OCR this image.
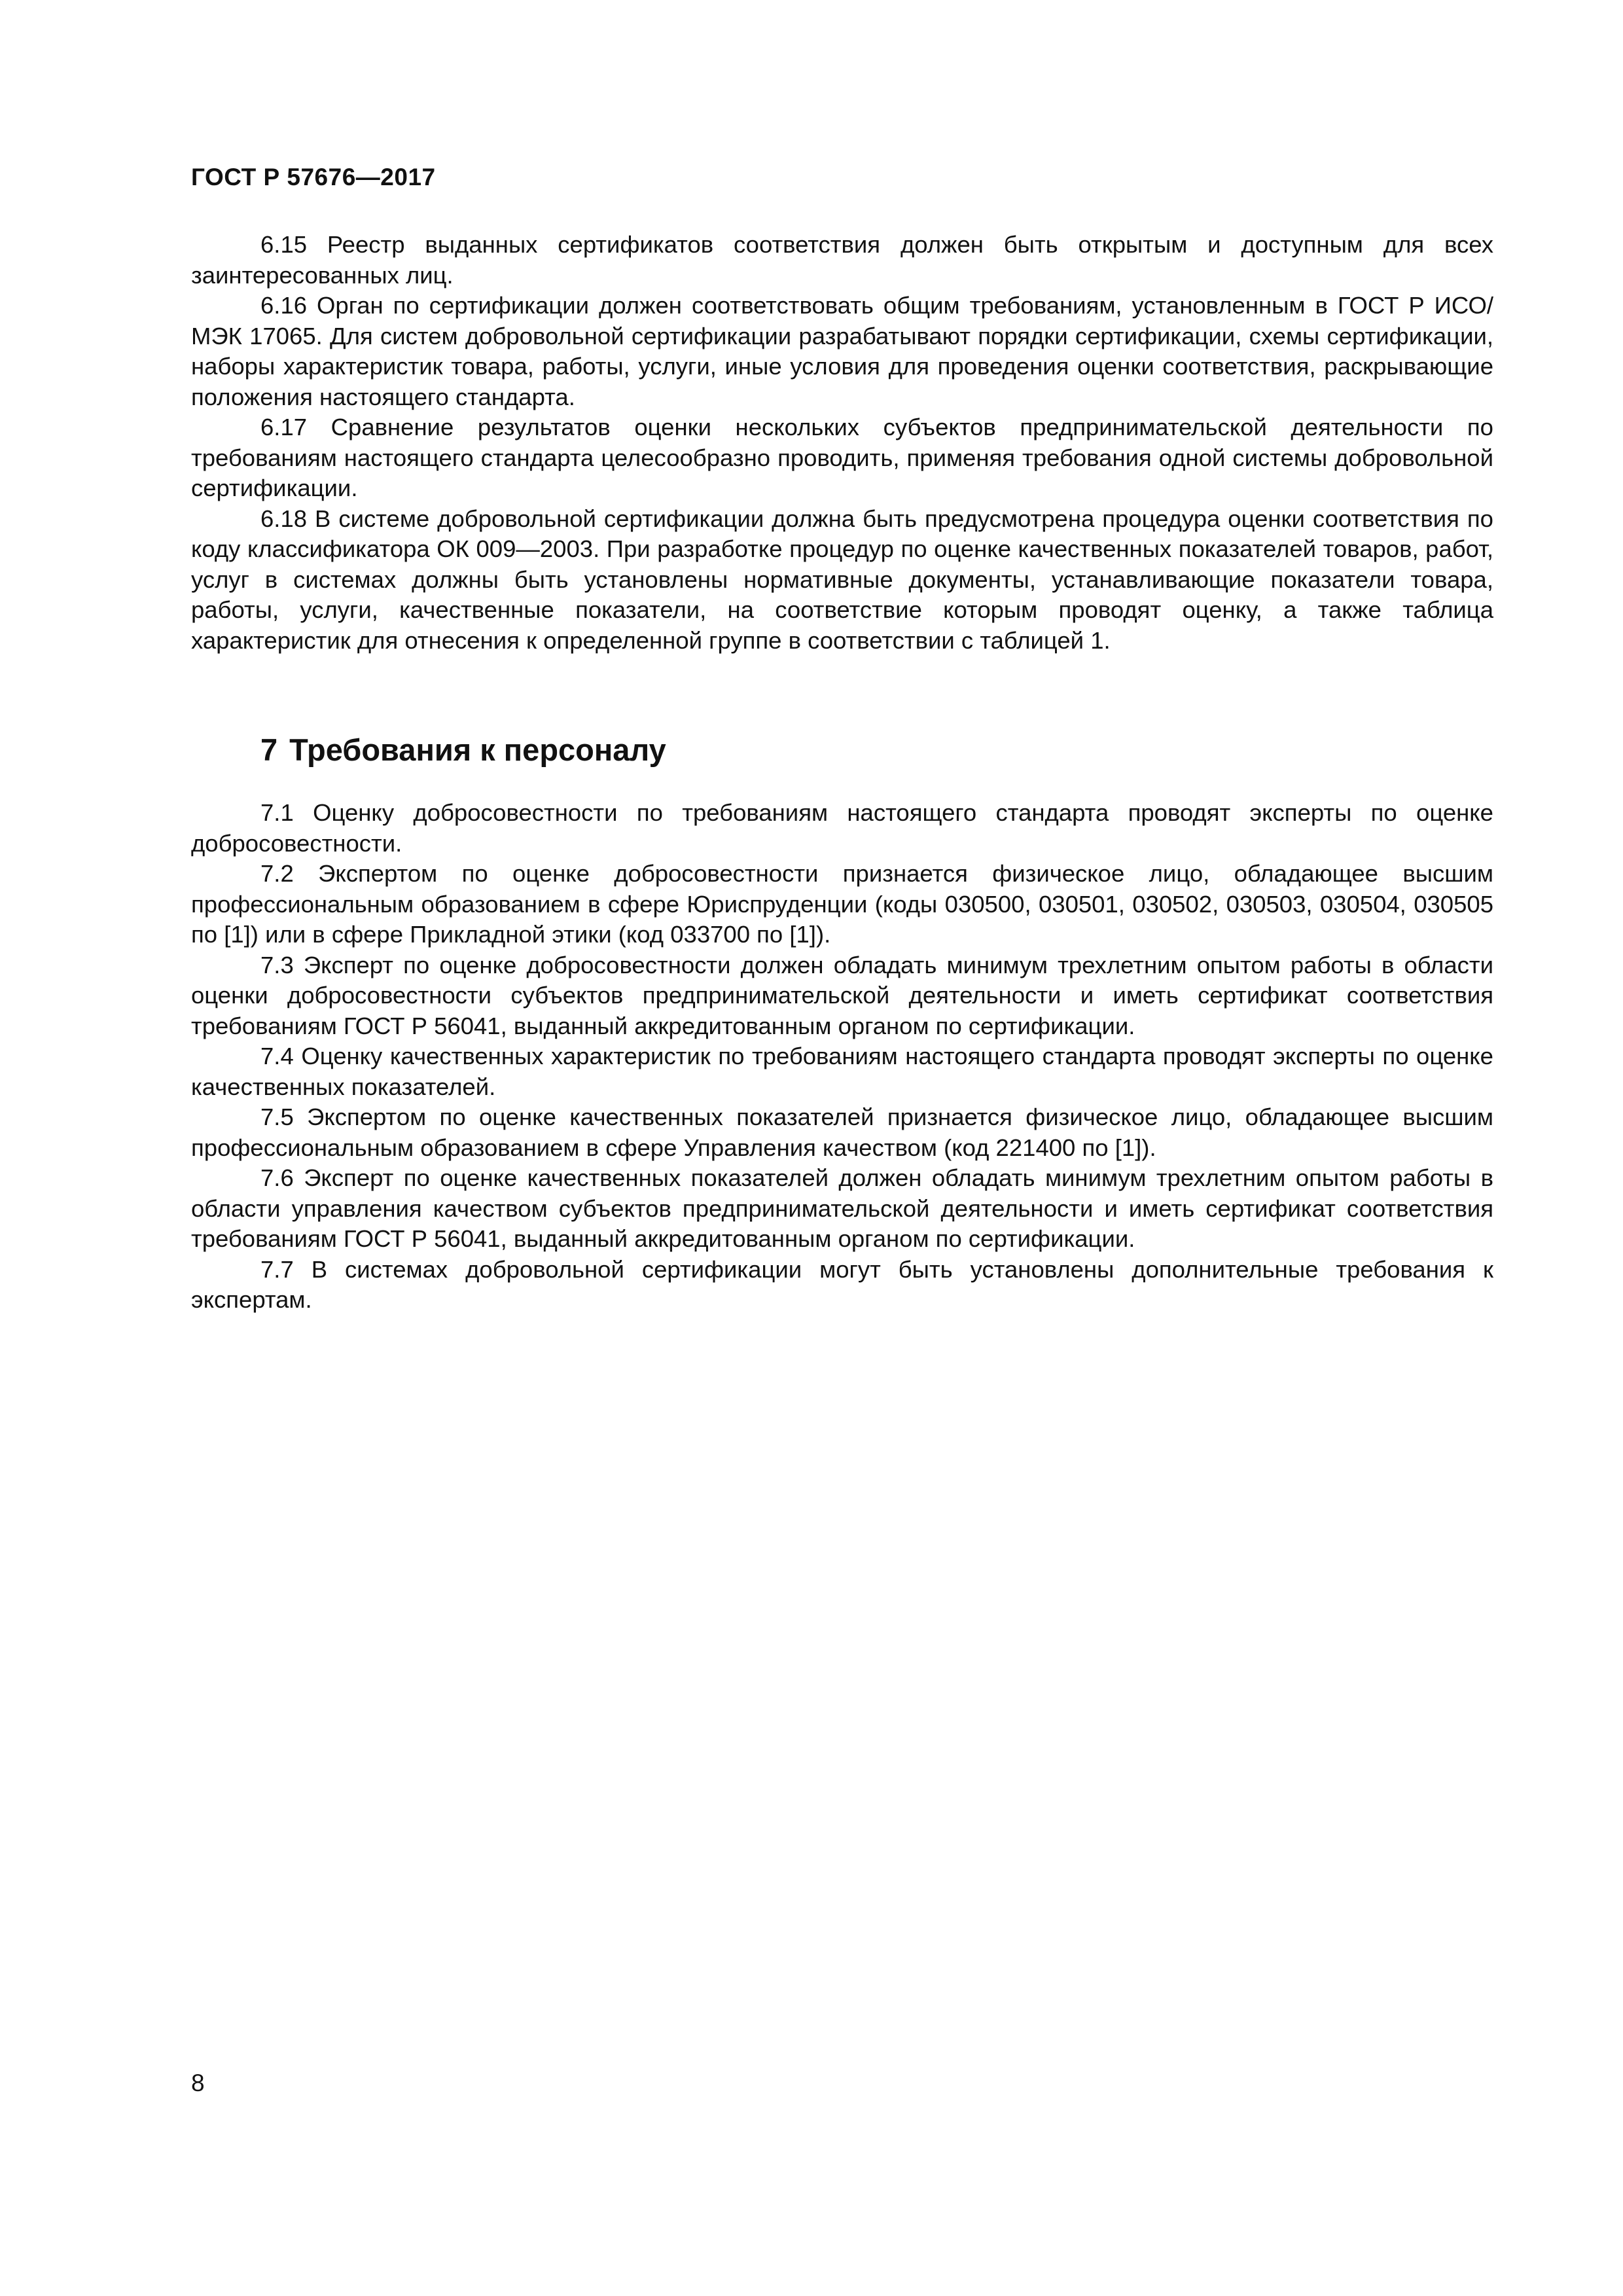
ГОСТ Р 57676—2017

6.15 Реестр выданных сертификатов соответствия должен быть открытым и доступным для всех заинтересованных лиц.

6.16 Орган по сертификации должен соответствовать общим требованиям, установленным в ГОСТ Р ИСО/МЭК 17065. Для систем добровольной сертификации разрабатывают порядки сертификации, схемы сертификации, наборы характеристик товара, работы, услуги, иные условия для проведения оценки соответствия, раскрывающие положения настоящего стандарта.

6.17 Сравнение результатов оценки нескольких субъектов предпринимательской деятельности по требованиям настоящего стандарта целесообразно проводить, применяя требования одной системы добровольной сертификации.

6.18 В системе добровольной сертификации должна быть предусмотрена процедура оценки соответствия по коду классификатора ОК 009—2003. При разработке процедур по оценке качественных показателей товаров, работ, услуг в системах должны быть установлены нормативные документы, устанавливающие показатели товара, работы, услуги, качественные показатели, на соответствие которым проводят оценку, а также таблица характеристик для отнесения к определенной группе в соответствии с таблицей 1.

7 Требования к персоналу

7.1 Оценку добросовестности по требованиям настоящего стандарта проводят эксперты по оценке добросовестности.

7.2 Экспертом по оценке добросовестности признается физическое лицо, обладающее высшим профессиональным образованием в сфере Юриспруденции (коды 030500, 030501, 030502, 030503, 030504, 030505 по [1]) или в сфере Прикладной этики (код 033700 по [1]).

7.3 Эксперт по оценке добросовестности должен обладать минимум трехлетним опытом работы в области оценки добросовестности субъектов предпринимательской деятельности и иметь сертификат соответствия требованиям ГОСТ Р 56041, выданный аккредитованным органом по сертификации.

7.4 Оценку качественных характеристик по требованиям настоящего стандарта проводят эксперты по оценке качественных показателей.

7.5 Экспертом по оценке качественных показателей признается физическое лицо, обладающее высшим профессиональным образованием в сфере Управления качеством (код 221400 по [1]).

7.6 Эксперт по оценке качественных показателей должен обладать минимум трехлетним опытом работы в области управления качеством субъектов предпринимательской деятельности и иметь сертификат соответствия требованиям ГОСТ Р 56041, выданный аккредитованным органом по сертификации.

7.7 В системах добровольной сертификации могут быть установлены дополнительные требования к экспертам.

8
